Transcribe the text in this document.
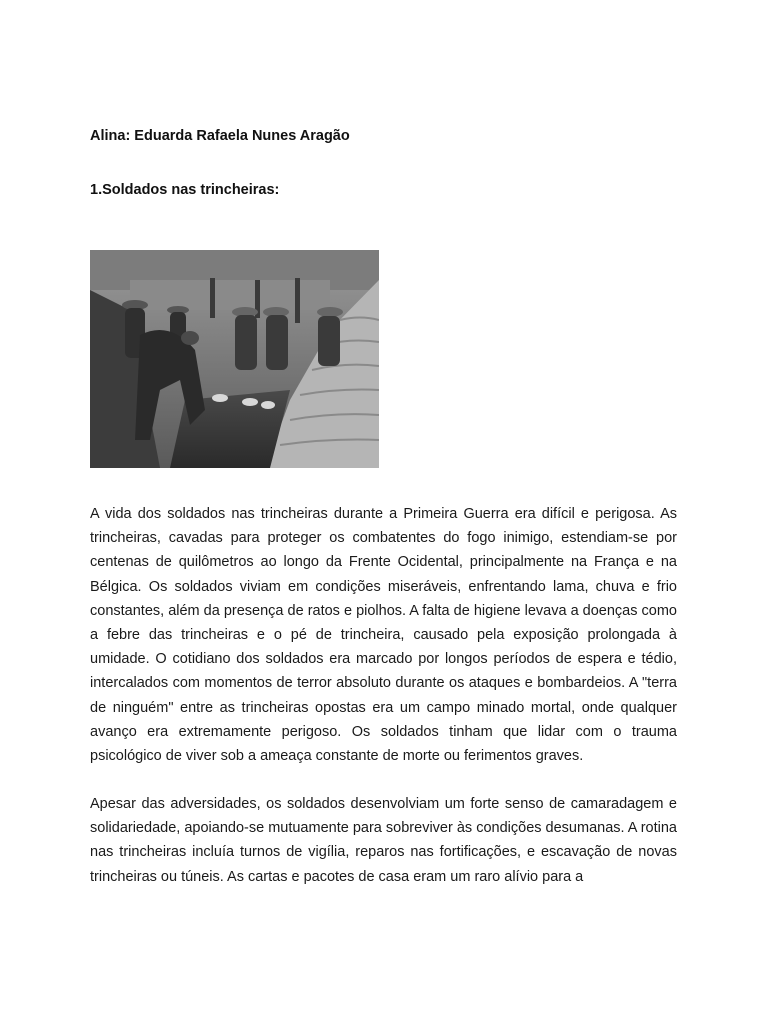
Alina: Eduarda Rafaela Nunes Aragão

1.Soldados nas trincheiras:

A vida dos soldados nas trincheiras durante a Primeira Guerra era difícil e perigosa. As trincheiras, cavadas para proteger os combatentes do fogo inimigo, estendiam-se por centenas de quilômetros ao longo da Frente Ocidental, principalmente na França e na Bélgica. Os soldados viviam em condições miseráveis, enfrentando lama, chuva e frio constantes, além da presença de ratos e piolhos. A falta de higiene levava a doenças como a febre das trincheiras e o pé de trincheira, causado pela exposição prolongada à umidade. O cotidiano dos soldados era marcado por longos períodos de espera e tédio, intercalados com momentos de terror absoluto durante os ataques e bombardeios. A "terra de ninguém" entre as trincheiras opostas era um campo minado mortal, onde qualquer avanço era extremamente perigoso. Os soldados tinham que lidar com o trauma psicológico de viver sob a ameaça constante de morte ou ferimentos graves.

Apesar das adversidades, os soldados desenvolviam um forte senso de camaradagem e solidariedade, apoiando-se mutuamente para sobreviver às condições desumanas. A rotina nas trincheiras incluía turnos de vigília, reparos nas fortificações, e escavação de novas trincheiras ou túneis. As cartas e pacotes de casa eram um raro alívio para a
